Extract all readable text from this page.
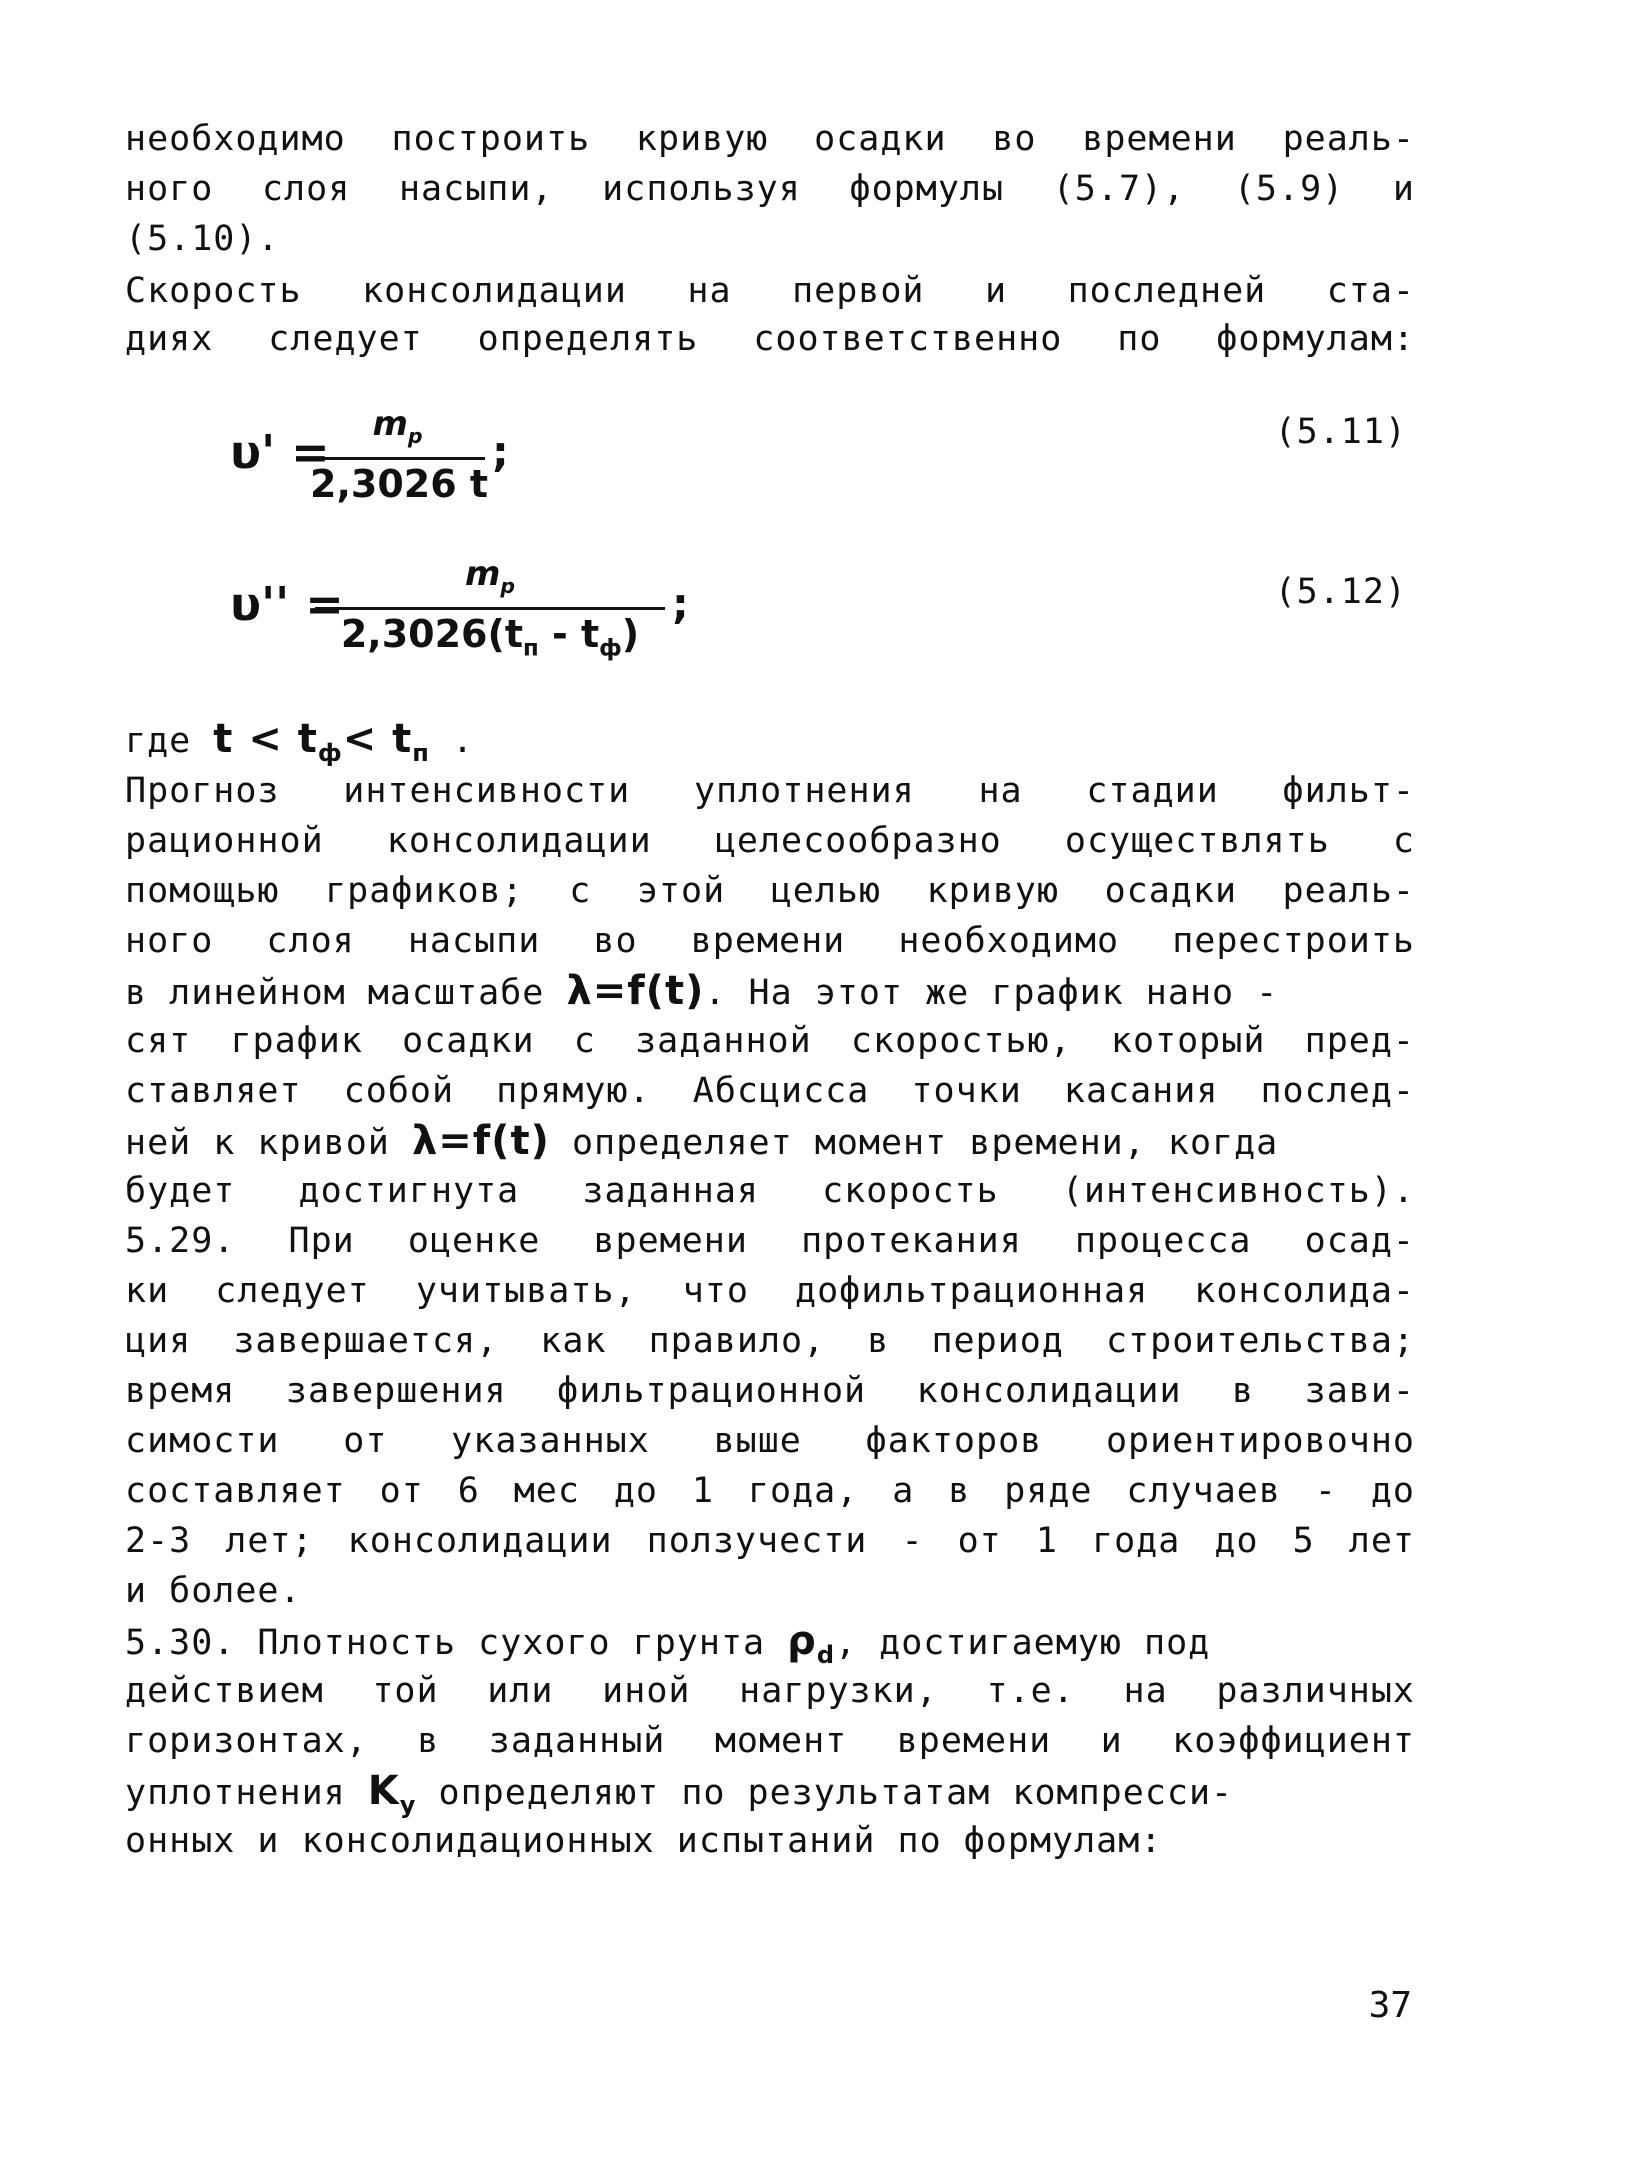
необходимо построить кривую осадки во времени реаль-
ного слоя насыпи, используя формулы (5.7), (5.9) и
(5.10).
Скорость консолидации на первой и последней ста-
диях следует определять соответственно по формулам:
υ' =
$m_р$
2,3026 t
;	(5.11)
υ'' =
$m_р$
$2,3026(t_п - t_ф)$
;	(5.12)
где $t < t_ф< t_п$ .
Прогноз интенсивности уплотнения на стадии фильт-
рационной консолидации целесообразно осуществлять с
помощью графиков; с этой целью кривую осадки реаль-
ного слоя насыпи во времени необходимо перестроить
в линейном масштабе λ=f(t). На этот же график нано -
сят график осадки с заданной скоростью, который пред-
ставляет собой прямую. Абсцисса точки касания послед-
ней к кривой λ=f(t) определяет момент времени, когда
будет достигнута заданная скорость (интенсивность).
5.29. При оценке времени протекания процесса осад-
ки следует учитывать, что дофильтрационная консолида-
ция завершается, как правило, в период строительства;
время завершения фильтрационной консолидации в зави-
симости от указанных выше факторов ориентировочно
составляет от 6 мес до 1 года, а в ряде случаев - до
2-3 лет; консолидации ползучести - от 1 года до 5 лет
и более.
5.30. Плотность сухого грунта $\rho_d$, достигаемую под
действием той или иной нагрузки, т.е. на различных
горизонтах, в заданный момент времени и коэффициент
уплотнения $K_у$ определяют по результатам компресси-
онных и консолидационных испытаний по формулам:
37
